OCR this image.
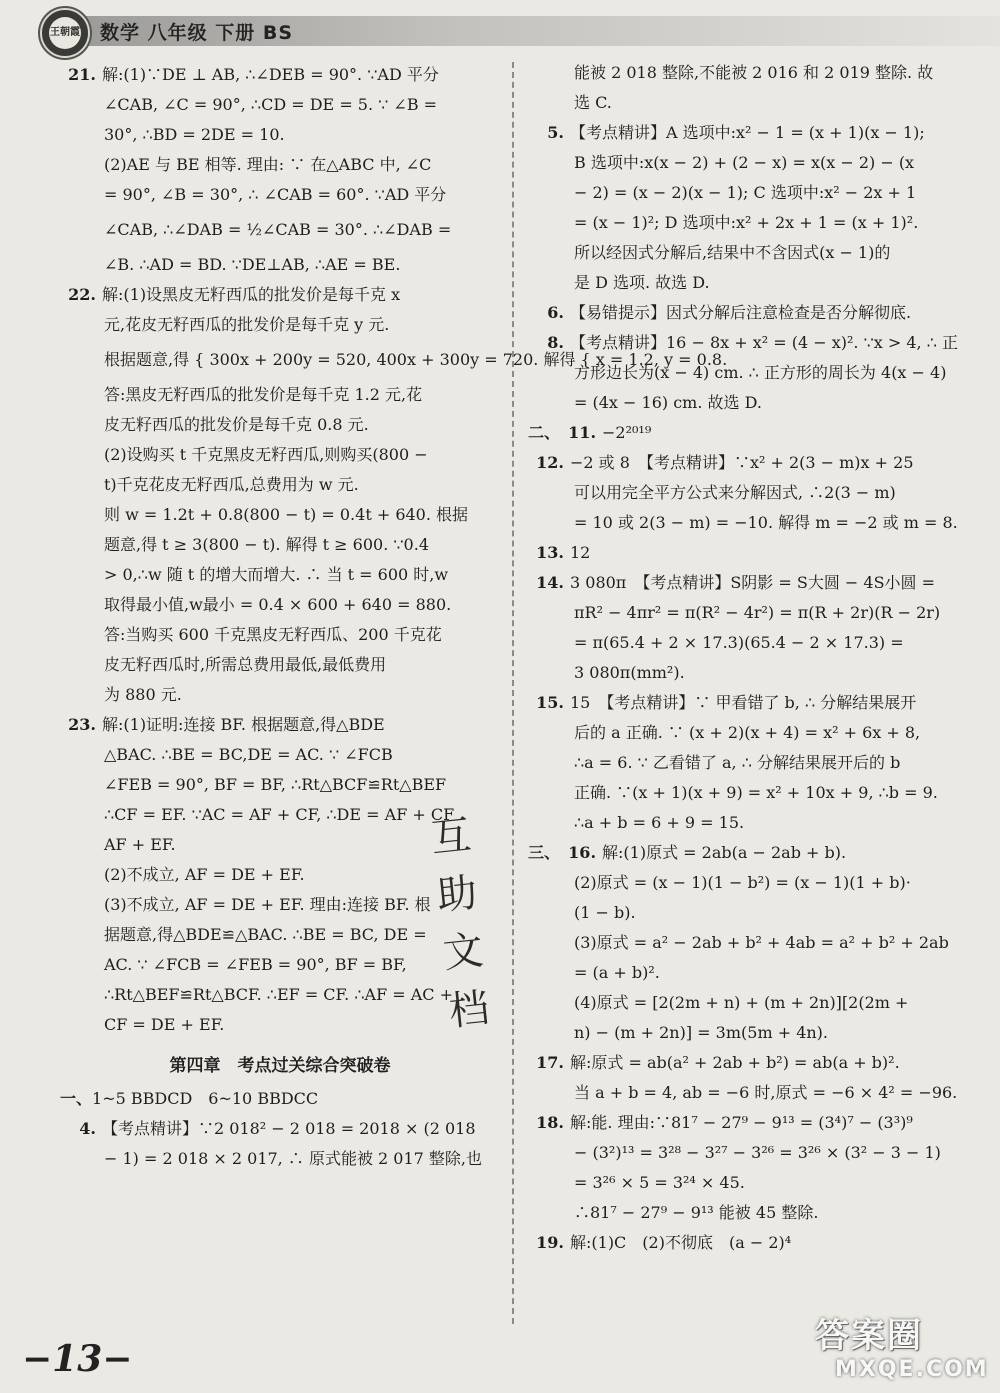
王朝霞 数学 八年级 下册 BS
21. 解:(1)∵DE ⊥ AB, ∴∠DEB = 90°. ∵AD 平分
∠CAB, ∠C = 90°, ∴CD = DE = 5. ∵ ∠B =
30°, ∴BD = 2DE = 10.
(2)AE 与 BE 相等. 理由: ∵ 在△ABC 中, ∠C
= 90°, ∠B = 30°, ∴ ∠CAB = 60°. ∵AD 平分
∠CAB, ∴∠DAB = ½∠CAB = 30°. ∴∠DAB =
∠B. ∴AD = BD. ∵DE⊥AB, ∴AE = BE.
22. 解:(1)设黑皮无籽西瓜的批发价是每千克 x
元,花皮无籽西瓜的批发价是每千克 y 元.
根据题意,得 { 300x + 200y = 520, 400x + 300y = 720. 解得 { x = 1.2, y = 0.8.
答:黑皮无籽西瓜的批发价是每千克 1.2 元,花
皮无籽西瓜的批发价是每千克 0.8 元.
(2)设购买 t 千克黑皮无籽西瓜,则购买(800 −
t)千克花皮无籽西瓜,总费用为 w 元.
则 w = 1.2t + 0.8(800 − t) = 0.4t + 640. 根据
题意,得 t ≥ 3(800 − t). 解得 t ≥ 600. ∵0.4
> 0,∴w 随 t 的增大而增大. ∴ 当 t = 600 时,w
取得最小值,w最小 = 0.4 × 600 + 640 = 880.
答:当购买 600 千克黑皮无籽西瓜、200 千克花
皮无籽西瓜时,所需总费用最低,最低费用
为 880 元.
23. 解:(1)证明:连接 BF. 根据题意,得△BDE
△BAC. ∴BE = BC,DE = AC. ∵ ∠FCB
∠FEB = 90°, BF = BF, ∴Rt△BCF≌Rt△BEF
∴CF = EF. ∵AC = AF + CF, ∴DE = AF + CF
AF + EF.
(2)不成立, AF = DE + EF.
(3)不成立, AF = DE + EF. 理由:连接 BF. 根
据题意,得△BDE≌△BAC. ∴BE = BC, DE =
AC. ∵ ∠FCB = ∠FEB = 90°, BF = BF,
∴Rt△BEF≌Rt△BCF. ∴EF = CF. ∴AF = AC +
CF = DE + EF.
第四章　考点过关综合突破卷
一、1~5 BBDCD　6~10 BBDCC
4. 【考点精讲】∵2 018² − 2 018 = 2018 × (2 018
− 1) = 2 018 × 2 017, ∴ 原式能被 2 017 整除,也
能被 2 018 整除,不能被 2 016 和 2 019 整除. 故
选 C.
5. 【考点精讲】A 选项中:x² − 1 = (x + 1)(x − 1);
B 选项中:x(x − 2) + (2 − x) = x(x − 2) − (x
− 2) = (x − 2)(x − 1); C 选项中:x² − 2x + 1
= (x − 1)²; D 选项中:x² + 2x + 1 = (x + 1)².
所以经因式分解后,结果中不含因式(x − 1)的
是 D 选项. 故选 D.
6. 【易错提示】因式分解后注意检查是否分解彻底.
8. 【考点精讲】16 − 8x + x² = (4 − x)². ∵x > 4, ∴ 正
方形边长为(x − 4) cm. ∴ 正方形的周长为 4(x − 4)
= (4x − 16) cm. 故选 D.
二、 11. −2²⁰¹⁹
12. −2 或 8　【考点精讲】∵x² + 2(3 − m)x + 25
可以用完全平方公式来分解因式, ∴2(3 − m)
= 10 或 2(3 − m) = −10. 解得 m = −2 或 m = 8.
13. 12
14. 3 080π　【考点精讲】S阴影 = S大圆 − 4S小圆 =
πR² − 4πr² = π(R² − 4r²) = π(R + 2r)(R − 2r)
= π(65.4 + 2 × 17.3)(65.4 − 2 × 17.3) =
3 080π(mm²).
15. 15　【考点精讲】∵ 甲看错了 b, ∴ 分解结果展开
后的 a 正确. ∵ (x + 2)(x + 4) = x² + 6x + 8,
∴a = 6. ∵ 乙看错了 a, ∴ 分解结果展开后的 b
正确. ∵(x + 1)(x + 9) = x² + 10x + 9, ∴b = 9.
∴a + b = 6 + 9 = 15.
三、 16. 解:(1)原式 = 2ab(a − 2ab + b).
(2)原式 = (x − 1)(1 − b²) = (x − 1)(1 + b)·
(1 − b).
(3)原式 = a² − 2ab + b² + 4ab = a² + b² + 2ab
= (a + b)².
(4)原式 = [2(2m + n) + (m + 2n)][2(2m +
n) − (m + 2n)] = 3m(5m + 4n).
17. 解:原式 = ab(a² + 2ab + b²) = ab(a + b)².
当 a + b = 4, ab = −6 时,原式 = −6 × 4² = −96.
18. 解:能. 理由:∵81⁷ − 27⁹ − 9¹³ = (3⁴)⁷ − (3³)⁹
− (3²)¹³ = 3²⁸ − 3²⁷ − 3²⁶ = 3²⁶ × (3² − 3 − 1)
= 3²⁶ × 5 = 3²⁴ × 45.
∴81⁷ − 27⁹ − 9¹³ 能被 45 整除.
19. 解:(1)C　(2)不彻底　(a − 2)⁴
互
助
文
档
−13−
答案圈
MXQE.COM
